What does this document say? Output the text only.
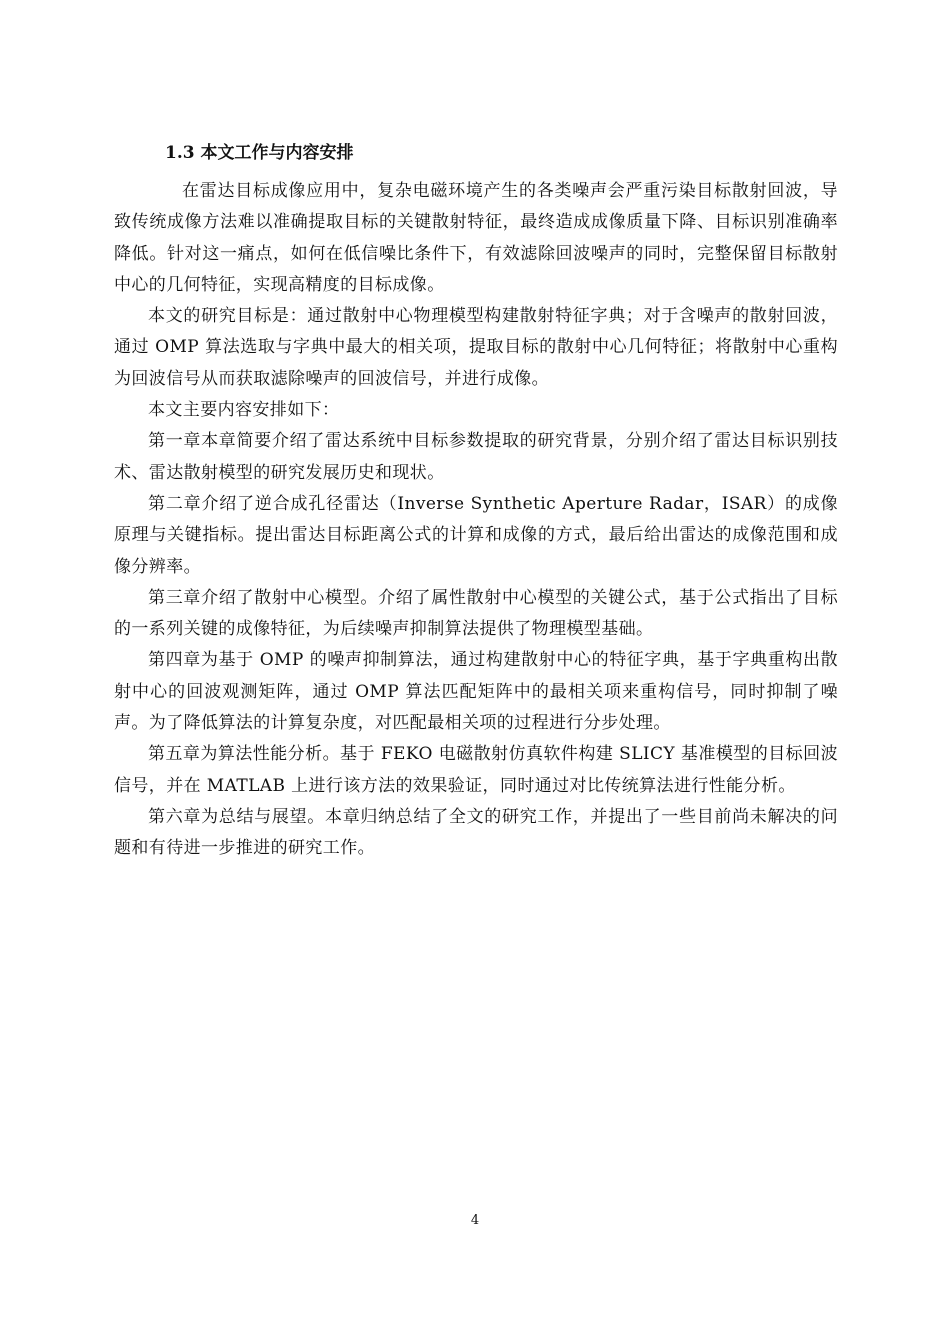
1.3 本文工作与内容安排

在雷达目标成像应用中，复杂电磁环境产生的各类噪声会严重污染目标散射回波，导致传统成像方法难以准确提取目标的关键散射特征，最终造成成像质量下降、目标识别准确率降低。针对这一痛点，如何在低信噪比条件下，有效滤除回波噪声的同时，完整保留目标散射中心的几何特征，实现高精度的目标成像。

本文的研究目标是：通过散射中心物理模型构建散射特征字典；对于含噪声的散射回波，通过 OMP 算法选取与字典中最大的相关项，提取目标的散射中心几何特征；将散射中心重构为回波信号从而获取滤除噪声的回波信号，并进行成像。

本文主要内容安排如下：

第一章本章简要介绍了雷达系统中目标参数提取的研究背景，分别介绍了雷达目标识别技术、雷达散射模型的研究发展历史和现状。

第二章介绍了逆合成孔径雷达（Inverse Synthetic Aperture Radar，ISAR）的成像原理与关键指标。提出雷达目标距离公式的计算和成像的方式，最后给出雷达的成像范围和成像分辨率。

第三章介绍了散射中心模型。介绍了属性散射中心模型的关键公式，基于公式指出了目标的一系列关键的成像特征，为后续噪声抑制算法提供了物理模型基础。

第四章为基于 OMP 的噪声抑制算法，通过构建散射中心的特征字典，基于字典重构出散射中心的回波观测矩阵，通过 OMP 算法匹配矩阵中的最相关项来重构信号，同时抑制了噪声。为了降低算法的计算复杂度，对匹配最相关项的过程进行分步处理。

第五章为算法性能分析。基于 FEKO 电磁散射仿真软件构建 SLICY 基准模型的目标回波信号，并在 MATLAB 上进行该方法的效果验证，同时通过对比传统算法进行性能分析。

第六章为总结与展望。本章归纳总结了全文的研究工作，并提出了一些目前尚未解决的问题和有待进一步推进的研究工作。

4
